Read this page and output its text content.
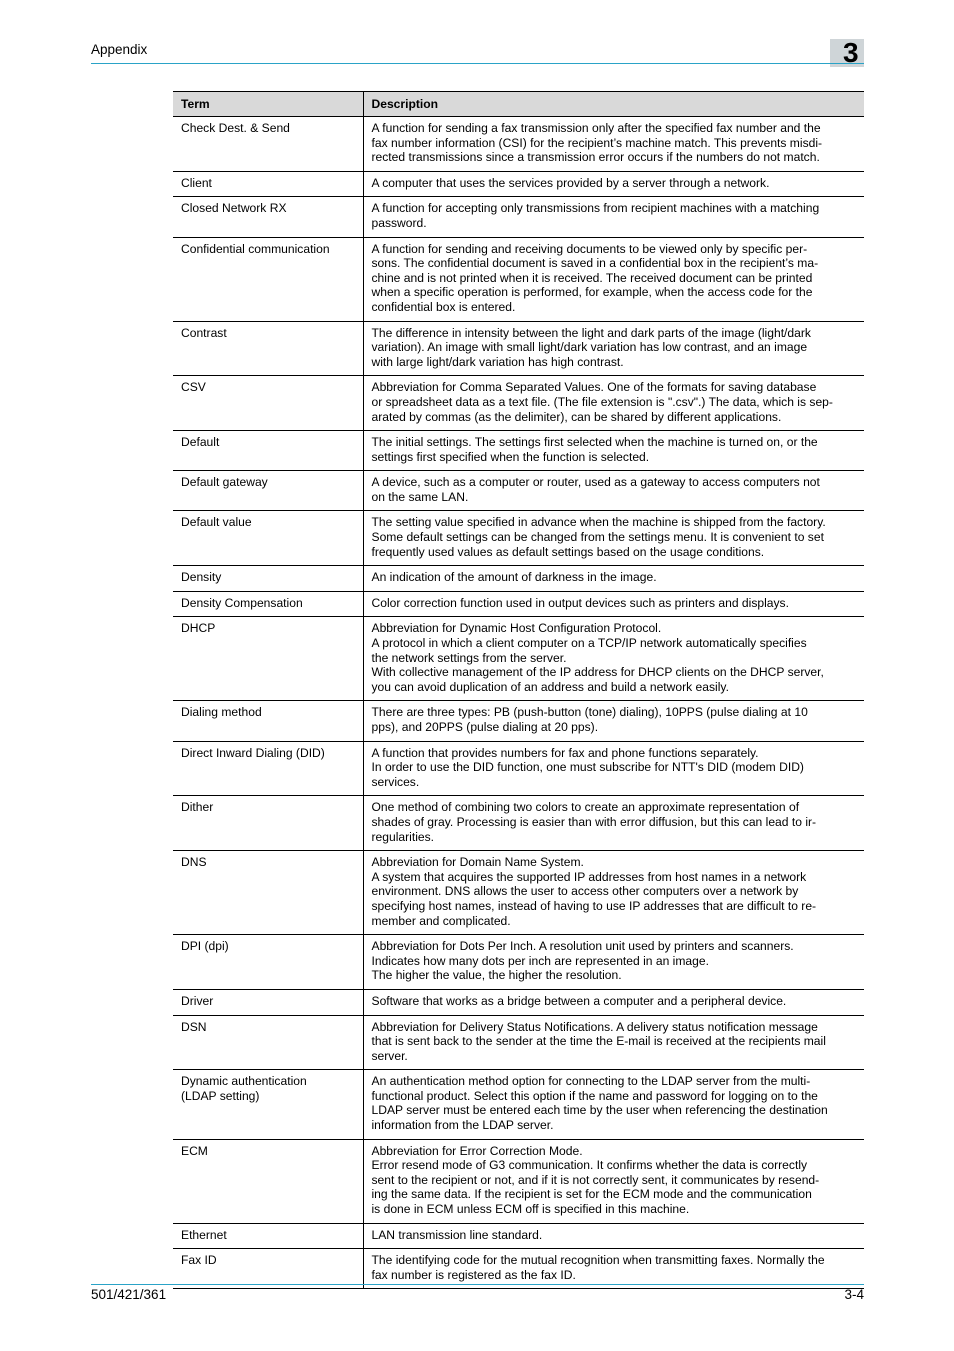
Appendix	3
Term	Description

Check Dest. & Send	A function for sending a fax transmission only after the specified fax number and the
fax number information (CSI) for the recipient’s machine match. This prevents misdi-
rected transmissions since a transmission error occurs if the numbers do not match.

Client	A computer that uses the services provided by a server through a network.

Closed Network RX	A function for accepting only transmissions from recipient machines with a matching
password.

Confidential communication	A function for sending and receiving documents to be viewed only by specific per-
sons. The confidential document is saved in a confidential box in the recipient’s ma-
chine and is not printed when it is received. The received document can be printed
when a specific operation is performed, for example, when the access code for the
confidential box is entered.

Contrast	The difference in intensity between the light and dark parts of the image (light/dark
variation). An image with small light/dark variation has low contrast, and an image
with large light/dark variation has high contrast.

CSV	Abbreviation for Comma Separated Values. One of the formats for saving database
or spreadsheet data as a text file. (The file extension is ".csv".) The data, which is sep-
arated by commas (as the delimiter), can be shared by different applications.

Default	The initial settings. The settings first selected when the machine is turned on, or the
settings first specified when the function is selected.

Default gateway	A device, such as a computer or router, used as a gateway to access computers not
on the same LAN.

Default value	The setting value specified in advance when the machine is shipped from the factory.
Some default settings can be changed from the settings menu. It is convenient to set
frequently used values as default settings based on the usage conditions.

Density	An indication of the amount of darkness in the image.

Density Compensation	Color correction function used in output devices such as printers and displays.

DHCP	Abbreviation for Dynamic Host Configuration Protocol.
A protocol in which a client computer on a TCP/IP network automatically specifies
the network settings from the server.
With collective management of the IP address for DHCP clients on the DHCP server,
you can avoid duplication of an address and build a network easily.

Dialing method	There are three types: PB (push-button (tone) dialing), 10PPS (pulse dialing at 10
pps), and 20PPS (pulse dialing at 20 pps).

Direct Inward Dialing (DID)	A function that provides numbers for fax and phone functions separately.
In order to use the DID function, one must subscribe for NTT's DID (modem DID)
services.

Dither	One method of combining two colors to create an approximate representation of
shades of gray. Processing is easier than with error diffusion, but this can lead to ir-
regularities.

DNS	Abbreviation for Domain Name System.
A system that acquires the supported IP addresses from host names in a network
environment. DNS allows the user to access other computers over a network by
specifying host names, instead of having to use IP addresses that are difficult to re-
member and complicated.

DPI (dpi)	Abbreviation for Dots Per Inch. A resolution unit used by printers and scanners.
Indicates how many dots per inch are represented in an image.
The higher the value, the higher the resolution.

Driver	Software that works as a bridge between a computer and a peripheral device.

DSN	Abbreviation for Delivery Status Notifications. A delivery status notification message
that is sent back to the sender at the time the E-mail is received at the recipients mail
server.

Dynamic authentication
(LDAP setting)	An authentication method option for connecting to the LDAP server from the multi-
functional product. Select this option if the name and password for logging on to the
LDAP server must be entered each time by the user when referencing the destination
information from the LDAP server.

ECM	Abbreviation for Error Correction Mode.
Error resend mode of G3 communication. It confirms whether the data is correctly
sent to the recipient or not, and if it is not correctly sent, it communicates by resend-
ing the same data. If the recipient is set for the ECM mode and the communication
is done in ECM unless ECM off is specified in this machine.

Ethernet	LAN transmission line standard.

Fax ID	The identifying code for the mutual recognition when transmitting faxes. Normally the
fax number is registered as the fax ID.
501/421/361	3-4
